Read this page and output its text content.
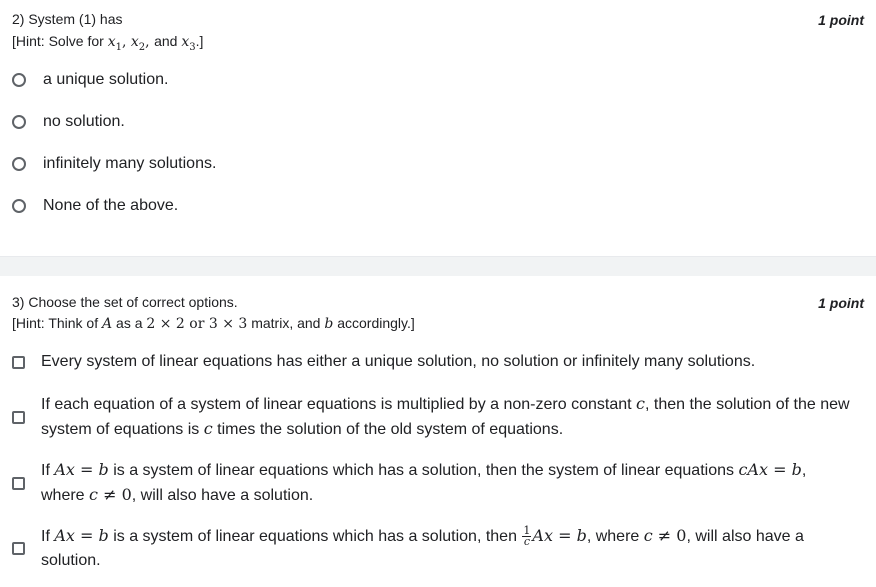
2) System (1) has	1 point
[Hint: Solve for $x_1$, $x_2$, and $x_3$.]
a unique solution.
no solution.
infinitely many solutions.
None of the above.
3) Choose the set of correct options.	1 point
[Hint: Think of A as a 2 × 2 or 3 × 3 matrix, and b accordingly.]
Every system of linear equations has either a unique solution, no solution or infinitely many solutions.
If each equation of a system of linear equations is multiplied by a non-zero constant c, then the solution of the new
system of equations is c times the solution of the old system of equations.
If Ax = b is a system of linear equations which has a solution, then the system of linear equations cAx = b,
where c ≠ 0, will also have a solution.
If Ax = b is a system of linear equations which has a solution, then $\frac{1}{c}$ Ax = b, where c ≠ 0, will also have a
solution.
